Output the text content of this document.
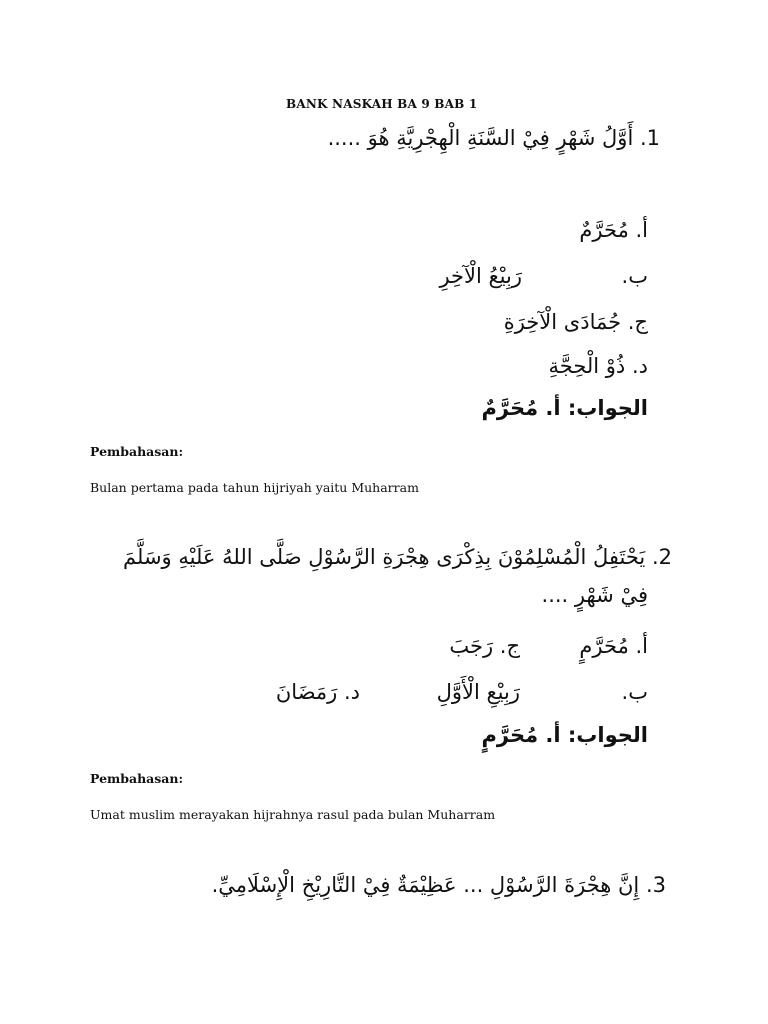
BANK NASKAH BA 9 BAB 1
1. أَوَّلُ شَهْرٍ فِيْ السَّنَةِ الْهِجْرِيَّةِ هُوَ .....
أ. مُحَرَّمٌ
ب.
رَبِيْعُ الْآخِرِ
ج. جُمَادَى الْآخِرَةِ
د. ذُوْ الْحِجَّةِ
الجواب: أ. مُحَرَّمٌ
Pembahasan:
Bulan pertama pada tahun hijriyah yaitu Muharram
2. يَحْتَفِلُ الْمُسْلِمُوْنَ بِذِكْرَى هِجْرَةِ الرَّسُوْلِ صَلَّى اللهُ عَلَيْهِ وَسَلَّمَ
فِيْ شَهْرٍ ....
أ. مُحَرَّمٍ
ج. رَجَبَ
ب.
رَبِيْعِ الْأَوَّلِ
د. رَمَضَانَ
الجواب: أ. مُحَرَّمٍ
Pembahasan:
Umat muslim merayakan hijrahnya rasul pada bulan Muharram
3. إِنَّ هِجْرَةَ الرَّسُوْلِ ... عَظِيْمَةٌ فِيْ التَّارِيْخِ الْإِسْلَامِيِّ.
